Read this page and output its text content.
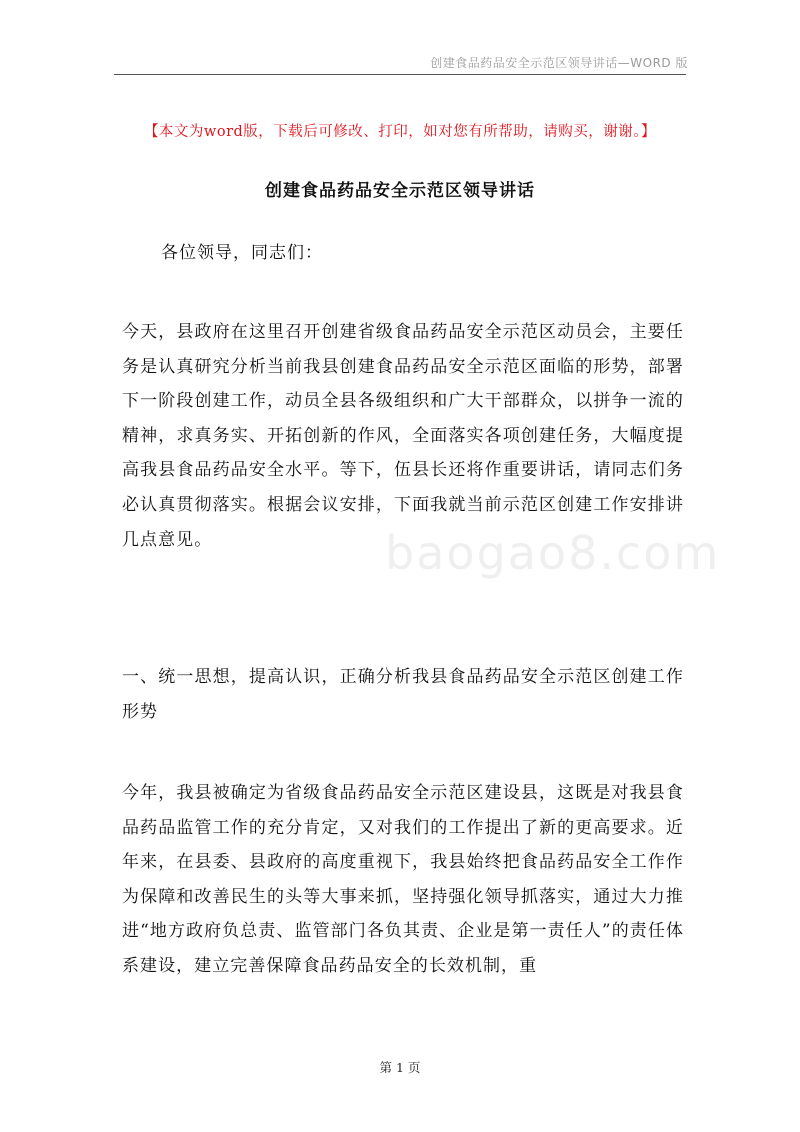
创建食品药品安全示范区领导讲话—WORD 版
【本文为word版，下载后可修改、打印，如对您有所帮助，请购买，谢谢。】
创建食品药品安全示范区领导讲话
各位领导，同志们：
今天，县政府在这里召开创建省级食品药品安全示范区动员会，主要任务是认真研究分析当前我县创建食品药品安全示范区面临的形势，部署下一阶段创建工作，动员全县各级组织和广大干部群众，以拼争一流的精神，求真务实、开拓创新的作风，全面落实各项创建任务，大幅度提高我县食品药品安全水平。等下，伍县长还将作重要讲话，请同志们务必认真贯彻落实。根据会议安排，下面我就当前示范区创建工作安排讲几点意见。
一、统一思想，提高认识，正确分析我县食品药品安全示范区创建工作形势
今年，我县被确定为省级食品药品安全示范区建设县，这既是对我县食品药品监管工作的充分肯定，又对我们的工作提出了新的更高要求。近年来，在县委、县政府的高度重视下，我县始终把食品药品安全工作作为保障和改善民生的头等大事来抓，坚持强化领导抓落实，通过大力推进“地方政府负总责、监管部门各负其责、企业是第一责任人”的责任体系建设，建立完善保障食品药品安全的长效机制，重
baogao8.com
第 1 页
